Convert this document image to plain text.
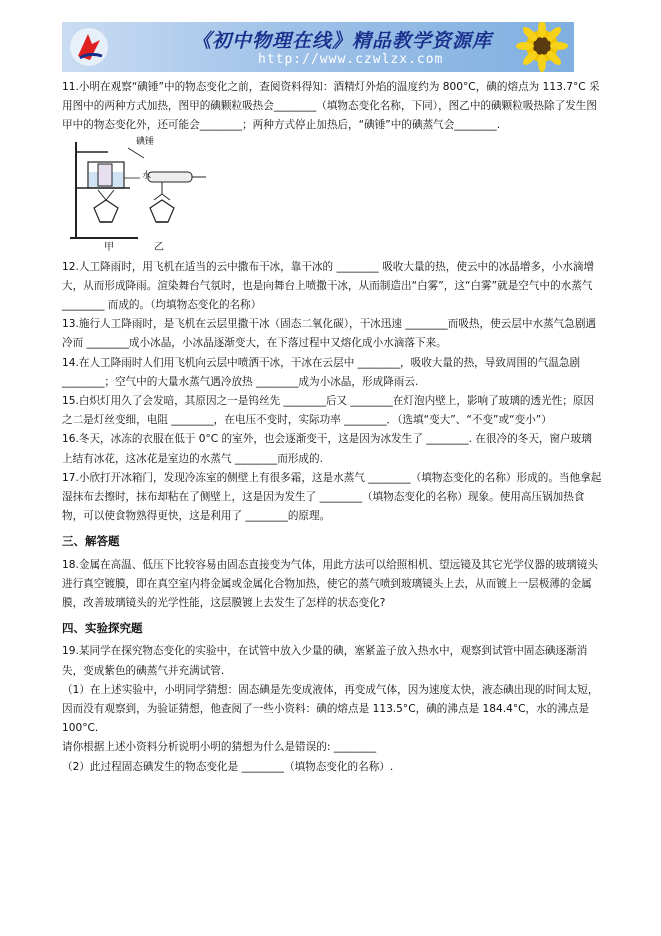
《初中物理在线》精品教学资源库
http://www.czwlzx.com

11.小明在观察“碘锤”中的物态变化之前，查阅资料得知：酒精灯外焰的温度约为 800°C，碘的熔点为 113.7°C 采用图中的两种方式加热，图甲的碘颗粒吸热会________（填物态变化名称，下同），图乙中的碘颗粒吸热除了发生图甲中的物态变化外，还可能会________；两种方式停止加热后，“碘锤”中的碘蒸气会________.

碘锤
水
甲	乙

12.人工降雨时，用飞机在适当的云中撒布干冰，靠干冰的 ________ 吸收大量的热，使云中的冰晶增多，小水滴增大，从而形成降雨。渲染舞台气氛时，也是向舞台上喷撒干冰，从而制造出“白雾”，这“白雾”就是空气中的水蒸气 ________ 而成的。（均填物态变化的名称）

13.施行人工降雨时，是飞机在云层里撒干冰（固态二氧化碳），干冰迅速 ________而吸热，使云层中水蒸气急剧遇冷而 ________成小冰晶，小冰晶逐渐变大，在下落过程中又熔化成小水滴落下来。

14.在人工降雨时人们用飞机向云层中喷洒干冰，干冰在云层中 ________，吸收大量的热，导致周围的气温急剧 ________；空气中的大量水蒸气遇冷放热 ________成为小冰晶，形成降雨云.

15.白炽灯用久了会发暗，其原因之一是钨丝先 ________后又 ________在灯泡内壁上，影响了玻璃的透光性；原因之二是灯丝变细，电阻 ________，在电压不变时，实际功率 ________．（选填“变大”、“不变”或“变小”）

16.冬天，冰冻的衣服在低于 0°C 的室外，也会逐渐变干，这是因为冰发生了 ________. 在很冷的冬天，窗户玻璃上结有冰花，这冰花是室边的水蒸气 ________而形成的.

17.小欣打开冰箱门，发现冷冻室的侧壁上有很多霜，这是水蒸气 ________（填物态变化的名称）形成的。当他拿起湿抹布去擦时，抹布却粘在了侧壁上，这是因为发生了 ________（填物态变化的名称）现象。使用高压锅加热食物，可以使食物熟得更快，这是利用了 ________的原理。

三、解答题

18.金属在高温、低压下比较容易由固态直接变为气体，用此方法可以给照相机、望远镜及其它光学仪器的玻璃镜头进行真空镀膜，即在真空室内将金属或金属化合物加热，使它的蒸气喷到玻璃镜头上去，从而镀上一层极薄的金属膜，改善玻璃镜头的光学性能，这层膜镀上去发生了怎样的状态变化?

四、实验探究题

19.某同学在探究物态变化的实验中，在试管中放入少量的碘，塞紧盖子放入热水中，观察到试管中固态碘逐渐消失，变成紫色的碘蒸气并充满试管.

（1）在上述实验中，小明同学猜想：固态碘是先变成液体，再变成气体，因为速度太快，液态碘出现的时间太短，因而没有观察到，为验证猜想，他查阅了一些小资料：碘的熔点是 113.5°C，碘的沸点是 184.4°C，水的沸点是 100°C.

请你根据上述小资料分析说明小明的猜想为什么是错误的: ________

（2）此过程固态碘发生的物态变化是 ________（填物态变化的名称）.
